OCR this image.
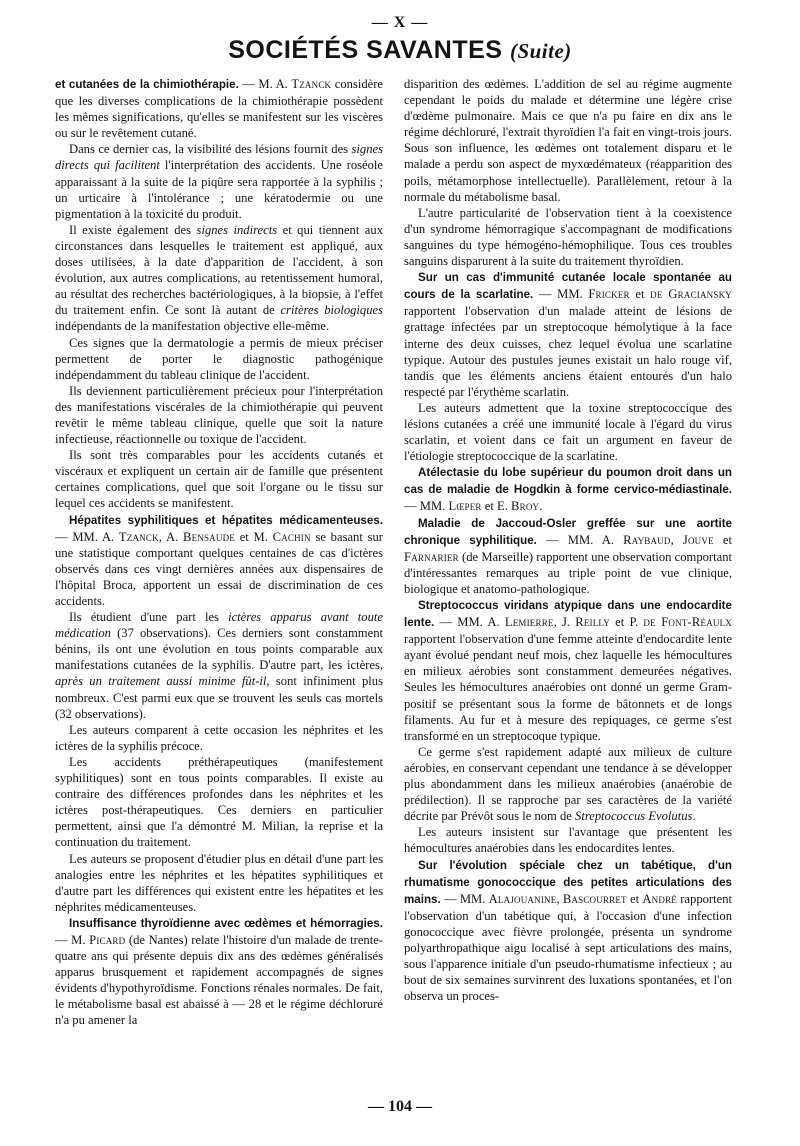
— X —
SOCIÉTÉS SAVANTES (Suite)

et cutanées de la chimiothérapie. — M. A. Tzanck considère que les diverses complications de la chimiothérapie possèdent les mêmes significations, qu'elles se manifestent sur les viscères ou sur le revêtement cutané.

Dans ce dernier cas, la visibilité des lésions fournit des signes directs qui facilitent l'interprétation des accidents. Une roséole apparaissant à la suite de la piqûre sera rapportée à la syphilis ; un urticaire à l'intolérance ; une kératodermie ou une pigmentation à la toxicité du produit.

Il existe également des signes indirects et qui tiennent aux circonstances dans lesquelles le traitement est appliqué, aux doses utilisées, à la date d'apparition de l'accident, à son évolution, aux autres complications, au retentissement humoral, au résultat des recherches bactériologiques, à la biopsie, à l'effet du traitement enfin. Ce sont là autant de critères biologiques indépendants de la manifestation objective elle-même.

Ces signes que la dermatologie a permis de mieux préciser permettent de porter le diagnostic pathogénique indépendamment du tableau clinique de l'accident.

Ils deviennent particulièrement précieux pour l'interprétation des manifestations viscérales de la chimiothérapie qui peuvent revêtir le même tableau clinique, quelle que soit la nature infectieuse, réactionnelle ou toxique de l'accident.

Ils sont très comparables pour les accidents cutanés et viscéraux et expliquent un certain air de famille que présentent certaines complications, quel que soit l'organe ou le tissu sur lequel ces accidents se manifestent.

Hépatites syphilitiques et hépatites médicamenteuses. — MM. A. Tzanck, A. Bensaude et M. Cachin se basant sur une statistique comportant quelques centaines de cas d'ictères observés dans ces vingt dernières années aux dispensaires de l'hôpital Broca, apportent un essai de discrimination de ces accidents.

Ils étudient d'une part les ictères apparus avant toute médication (37 observations). Ces derniers sont constamment bénins, ils ont une évolution en tous points comparable aux manifestations cutanées de la syphilis. D'autre part, les ictères, après un traitement aussi minime fût-il, sont infiniment plus nombreux. C'est parmi eux que se trouvent les seuls cas mortels (32 observations).

Les auteurs comparent à cette occasion les néphrites et les ictères de la syphilis précoce.

Les accidents préthérapeutiques (manifestement syphilitiques) sont en tous points comparables. Il existe au contraire des différences profondes dans les néphrites et les ictères post-thérapeutiques. Ces derniers en particulier permettent, ainsi que l'a démontré M. Milian, la reprise et la continuation du traitement.

Les auteurs se proposent d'étudier plus en détail d'une part les analogies entre les néphrites et les hépatites syphilitiques et d'autre part les différences qui existent entre les hépatites et les néphrites médicamenteuses.

Insuffisance thyroïdienne avec œdèmes et hémorragies. — M. Picard (de Nantes) relate l'histoire d'un malade de trente-quatre ans qui présente depuis dix ans des œdèmes généralisés apparus brusquement et rapidement accompagnés de signes évidents d'hypothyroïdisme. Fonctions rénales normales. De fait, le métabolisme basal est abaissé à — 28 et le régime déchloruré n'a pu amener la

disparition des œdèmes. L'addition de sel au régime augmente cependant le poids du malade et détermine une légère crise d'œdème pulmonaire. Mais ce que n'a pu faire en dix ans le régime déchloruré, l'extrait thyroïdien l'a fait en vingt-trois jours. Sous son influence, les œdèmes ont totalement disparu et le malade a perdu son aspect de myxœdémateux (réapparition des poils, métamorphose intellectuelle). Parallèlement, retour à la normale du métabolisme basal.

L'autre particularité de l'observation tient à la coexistence d'un syndrome hémorragique s'accompagnant de modifications sanguines du type hémogéno-hémophilique. Tous ces troubles sanguins disparurent à la suite du traitement thyroïdien.

Sur un cas d'immunité cutanée locale spontanée au cours de la scarlatine. — MM. Fricker et de Graciansky rapportent l'observation d'un malade atteint de lésions de grattage infectées par un streptocoque hémolytique à la face interne des deux cuisses, chez lequel évolua une scarlatine typique. Autour des pustules jeunes existait un halo rouge vif, tandis que les éléments anciens étaient entourés d'un halo respecté par l'érythème scarlatin.

Les auteurs admettent que la toxine streptococcique des lésions cutanées a créé une immunité locale à l'égard du virus scarlatin, et voient dans ce fait un argument en faveur de l'étiologie streptococcique de la scarlatine.

Atélectasie du lobe supérieur du poumon droit dans un cas de maladie de Hogdkin à forme cervico-médiastinale. — MM. Lœper et E. Broy.

Maladie de Jaccoud-Osler greffée sur une aortite chronique syphilitique. — MM. A. Raybaud, Jouve et Farnarier (de Marseille) rapportent une observation comportant d'intéressantes remarques au triple point de vue clinique, biologique et anatomo-pathologique.

Streptococcus viridans atypique dans une endocardite lente. — MM. A. Lemierre, J. Reilly et P. de Font-Réaulx rapportent l'observation d'une femme atteinte d'endocardite lente ayant évolué pendant neuf mois, chez laquelle les hémocultures en milieux aérobies sont constamment demeurées négatives. Seules les hémocultures anaérobies ont donné un germe Gram-positif se présentant sous la forme de bâtonnets et de longs filaments. Au fur et à mesure des repiquages, ce germe s'est transformé en un streptocoque typique.

Ce germe s'est rapidement adapté aux milieux de culture aérobies, en conservant cependant une tendance à se développer plus abondamment dans les milieux anaérobies (anaérobie de prédilection). Il se rapproche par ses caractères de la variété décrite par Prévôt sous le nom de Streptococcus Evolutus.

Les auteurs insistent sur l'avantage que présentent les hémocultures anaérobies dans les endocardites lentes.

Sur l'évolution spéciale chez un tabétique, d'un rhumatisme gonococcique des petites articulations des mains. — MM. Alajouanine, Bascourret et André rapportent l'observation d'un tabétique qui, à l'occasion d'une infection gonococcique avec fièvre prolongée, présenta un syndrome polyarthropathique aigu localisé à sept articulations des mains, sous l'apparence initiale d'un pseudo-rhumatisme infectieux ; au bout de six semaines survinrent des luxations spontanées, et l'on observa un proces-

— 104 —
